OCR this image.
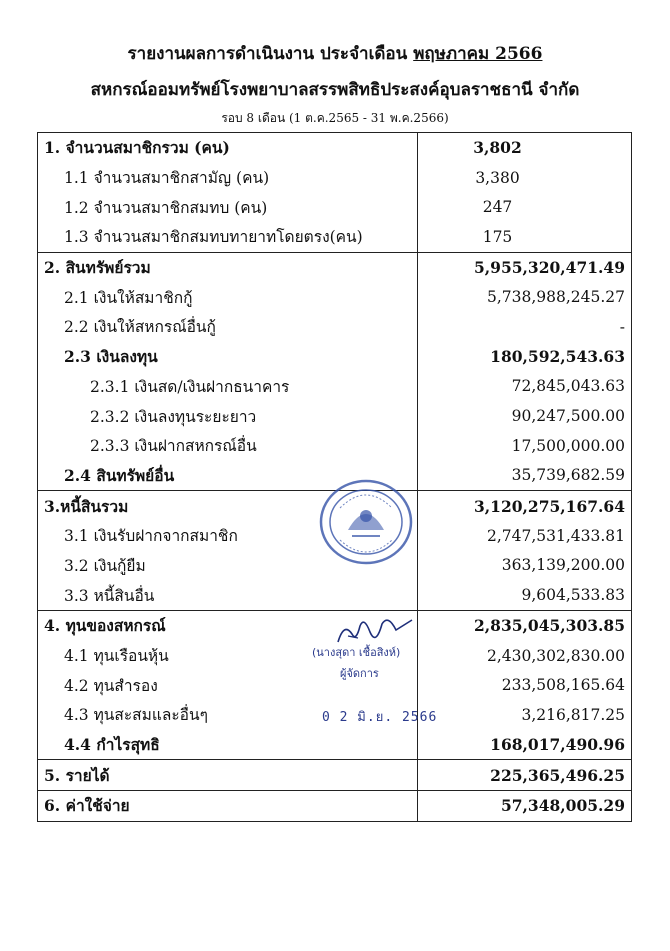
รายงานผลการดำเนินงาน ประจำเดือน พฤษภาคม 2566
สหกรณ์ออมทรัพย์โรงพยาบาลสรรพสิทธิประสงค์อุบลราชธานี จำกัด
รอบ 8 เดือน (1 ต.ค.2565 - 31 พ.ค.2566)
1. จำนวนสมาชิกรวม (คน)	3,802
1.1 จำนวนสมาชิกสามัญ (คน)	3,380
1.2 จำนวนสมาชิกสมทบ (คน)	247
1.3 จำนวนสมาชิกสมทบทายาทโดยตรง(คน)	175
2. สินทรัพย์รวม	5,955,320,471.49
2.1 เงินให้สมาชิกกู้	5,738,988,245.27
2.2 เงินให้สหกรณ์อื่นกู้	-
2.3 เงินลงทุน	180,592,543.63
2.3.1 เงินสด/เงินฝากธนาคาร	72,845,043.63
2.3.2 เงินลงทุนระยะยาว	90,247,500.00
2.3.3 เงินฝากสหกรณ์อื่น	17,500,000.00
2.4 สินทรัพย์อื่น	35,739,682.59
3.หนี้สินรวม	3,120,275,167.64
3.1 เงินรับฝากจากสมาชิก	2,747,531,433.81
3.2 เงินกู้ยืม	363,139,200.00
3.3 หนี้สินอื่น	9,604,533.83
4. ทุนของสหกรณ์	2,835,045,303.85
4.1 ทุนเรือนหุ้น	2,430,302,830.00
4.2 ทุนสำรอง	233,508,165.64
4.3 ทุนสะสมและอื่นๆ	3,216,817.25
4.4 กำไรสุทธิ	168,017,490.96
5. รายได้	225,365,496.25
6. ค่าใช้จ่าย	57,348,005.29
(นางสุดา เชื้อสิงห์)
ผู้จัดการ
0 2 มิ.ย. 2566
